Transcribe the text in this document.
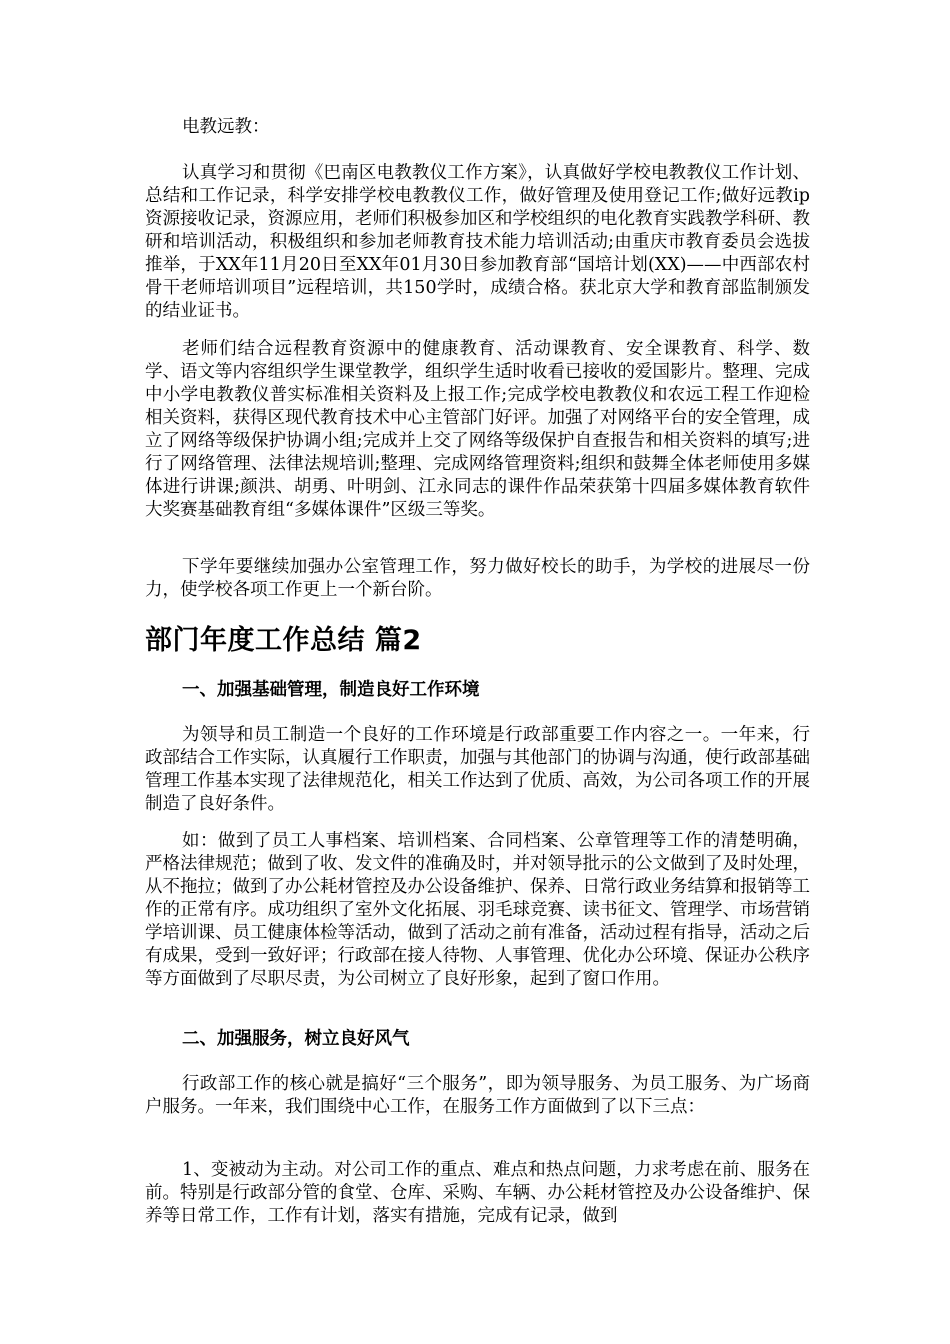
电教远教：

认真学习和贯彻《巴南区电教教仪工作方案》，认真做好学校电教教仪工作计划、总结和工作记录，科学安排学校电教教仪工作，做好管理及使用登记工作;做好远教ip资源接收记录，资源应用，老师们积极参加区和学校组织的电化教育实践教学科研、教研和培训活动，积极组织和参加老师教育技术能力培训活动;由重庆市教育委员会选拔推举，于XX年11月20日至XX年01月30日参加教育部“国培计划(XX)——中西部农村骨干老师培训项目”远程培训，共150学时，成绩合格。获北京大学和教育部监制颁发的结业证书。

老师们结合远程教育资源中的健康教育、活动课教育、安全课教育、科学、数学、语文等内容组织学生课堂教学，组织学生适时收看已接收的爱国影片。整理、完成中小学电教教仪普实标准相关资料及上报工作;完成学校电教教仪和农远工程工作迎检相关资料，获得区现代教育技术中心主管部门好评。加强了对网络平台的安全管理，成立了网络等级保护协调小组;完成并上交了网络等级保护自查报告和相关资料的填写;进行了网络管理、法律法规培训;整理、完成网络管理资料;组织和鼓舞全体老师使用多媒体进行讲课;颜洪、胡勇、叶明剑、江永同志的课件作品荣获第十四届多媒体教育软件大奖赛基础教育组“多媒体课件”区级三等奖。

下学年要继续加强办公室管理工作，努力做好校长的助手，为学校的进展尽一份力，使学校各项工作更上一个新台阶。

部门年度工作总结 篇2
一、加强基础管理，制造良好工作环境

为领导和员工制造一个良好的工作环境是行政部重要工作内容之一。一年来，行政部结合工作实际，认真履行工作职责，加强与其他部门的协调与沟通，使行政部基础管理工作基本实现了法律规范化，相关工作达到了优质、高效，为公司各项工作的开展制造了良好条件。

如：做到了员工人事档案、培训档案、合同档案、公章管理等工作的清楚明确，严格法律规范；做到了收、发文件的准确及时，并对领导批示的公文做到了及时处理，从不拖拉；做到了办公耗材管控及办公设备维护、保养、日常行政业务结算和报销等工作的正常有序。成功组织了室外文化拓展、羽毛球竞赛、读书征文、管理学、市场营销学培训课、员工健康体检等活动，做到了活动之前有准备，活动过程有指导，活动之后有成果，受到一致好评；行政部在接人待物、人事管理、优化办公环境、保证办公秩序等方面做到了尽职尽责，为公司树立了良好形象，起到了窗口作用。

二、加强服务，树立良好风气

行政部工作的核心就是搞好“三个服务”，即为领导服务、为员工服务、为广场商户服务。一年来，我们围绕中心工作，在服务工作方面做到了以下三点：

1、变被动为主动。对公司工作的重点、难点和热点问题，力求考虑在前、服务在前。特别是行政部分管的食堂、仓库、采购、车辆、办公耗材管控及办公设备维护、保养等日常工作，工作有计划，落实有措施，完成有记录，做到
